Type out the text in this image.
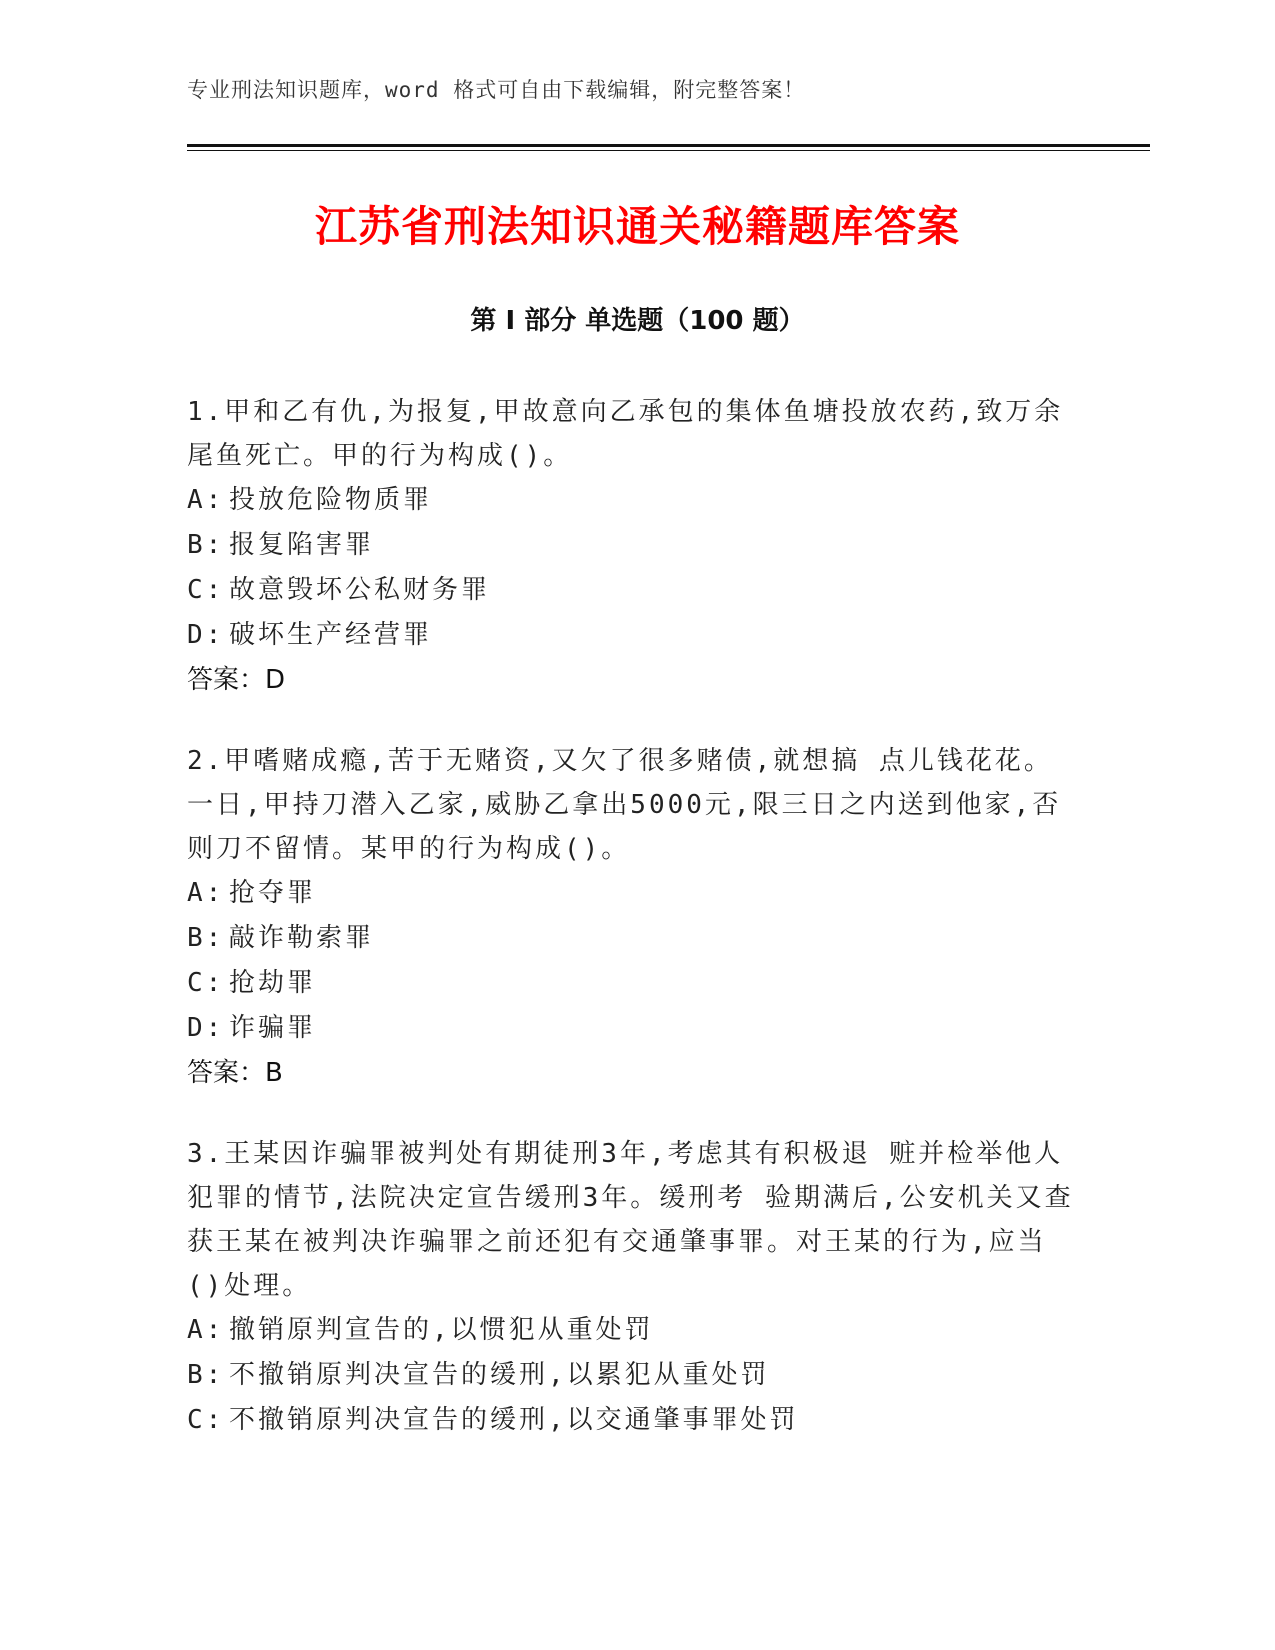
专业刑法知识题库，word 格式可自由下载编辑，附完整答案！
江苏省刑法知识通关秘籍题库答案
第 I 部分 单选题（100 题）

1.甲和乙有仇,为报复,甲故意向乙承包的集体鱼塘投放农药,致万余尾鱼死亡。甲的行为构成()。

A: 投放危险物质罪

B: 报复陷害罪

C: 故意毁坏公私财务罪

D: 破坏生产经营罪

答案：D

2.甲嗜赌成瘾,苦于无赌资,又欠了很多赌债,就想搞 点儿钱花花。 一日,甲持刀潜入乙家,威胁乙拿出5000元,限三日之内送到他家,否则刀不留情。某甲的行为构成()。

A: 抢夺罪

B: 敲诈勒索罪

C: 抢劫罪

D: 诈骗罪

答案：B

3.王某因诈骗罪被判处有期徒刑3年,考虑其有积极退 赃并检举他人犯罪的情节,法院决定宣告缓刑3年。缓刑考 验期满后,公安机关又查获王某在被判决诈骗罪之前还犯有交通肇事罪。对王某的行为,应当()处理。

A: 撤销原判宣告的,以惯犯从重处罚

B: 不撤销原判决宣告的缓刑,以累犯从重处罚

C: 不撤销原判决宣告的缓刑,以交通肇事罪处罚
